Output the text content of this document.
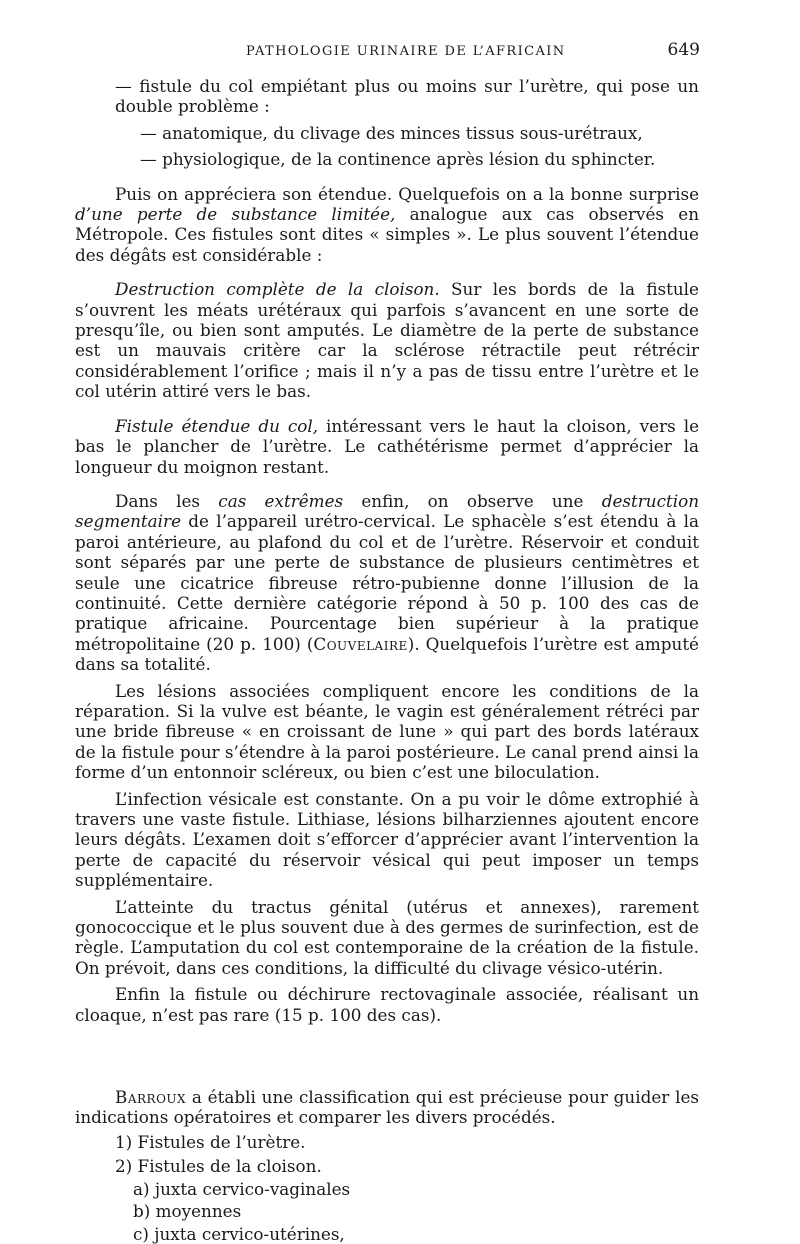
PATHOLOGIE URINAIRE DE L’AFRICAIN	649

— fistule du col empiétant plus ou moins sur l’urètre, qui pose un double problème :

— anatomique, du clivage des minces tissus sous-urétraux,

— physiologique, de la continence après lésion du sphincter.

Puis on appréciera son étendue. Quelquefois on a la bonne surprise d’une perte de substance limitée, analogue aux cas observés en Métropole. Ces fistules sont dites « simples ». Le plus souvent l’étendue des dégâts est considérable :

Destruction complète de la cloison. Sur les bords de la fistule s’ouvrent les méats urétéraux qui parfois s’avancent en une sorte de presqu’île, ou bien sont amputés. Le diamètre de la perte de substance est un mauvais critère car la sclérose rétractile peut rétrécir considérablement l’orifice ; mais il n’y a pas de tissu entre l’urètre et le col utérin attiré vers le bas.

Fistule étendue du col, intéressant vers le haut la cloison, vers le bas le plancher de l’urètre. Le cathétérisme permet d’apprécier la longueur du moignon restant.

Dans les cas extrêmes enfin, on observe une destruction segmentaire de l’appareil urétro-cervical. Le sphacèle s’est étendu à la paroi antérieure, au plafond du col et de l’urètre. Réservoir et conduit sont séparés par une perte de substance de plusieurs centimètres et seule une cicatrice fibreuse rétro-pubienne donne l’illusion de la continuité. Cette dernière catégorie répond à 50 p. 100 des cas de pratique africaine. Pourcentage bien supérieur à la pratique métropolitaine (20 p. 100) (Couvelaire). Quelquefois l’urètre est amputé dans sa totalité.

Les lésions associées compliquent encore les conditions de la réparation. Si la vulve est béante, le vagin est généralement rétréci par une bride fibreuse « en croissant de lune » qui part des bords latéraux de la fistule pour s’étendre à la paroi postérieure. Le canal prend ainsi la forme d’un entonnoir scléreux, ou bien c’est une biloculation.

L’infection vésicale est constante. On a pu voir le dôme extrophié à travers une vaste fistule. Lithiase, lésions bilharziennes ajoutent encore leurs dégâts. L’examen doit s’efforcer d’apprécier avant l’intervention la perte de capacité du réservoir vésical qui peut imposer un temps supplémentaire.

L’atteinte du tractus génital (utérus et annexes), rarement gonococcique et le plus souvent due à des germes de surinfection, est de règle. L’amputation du col est contemporaine de la création de la fistule. On prévoit, dans ces conditions, la difficulté du clivage vésico-utérin.

Enfin la fistule ou déchirure rectovaginale associée, réalisant un cloaque, n’est pas rare (15 p. 100 des cas).

Barroux a établi une classification qui est précieuse pour guider les indications opératoires et comparer les divers procédés.

1) Fistules de l’urètre.

2) Fistules de la cloison.

a) juxta cervico-vaginales

b) moyennes

c) juxta cervico-utérines,
